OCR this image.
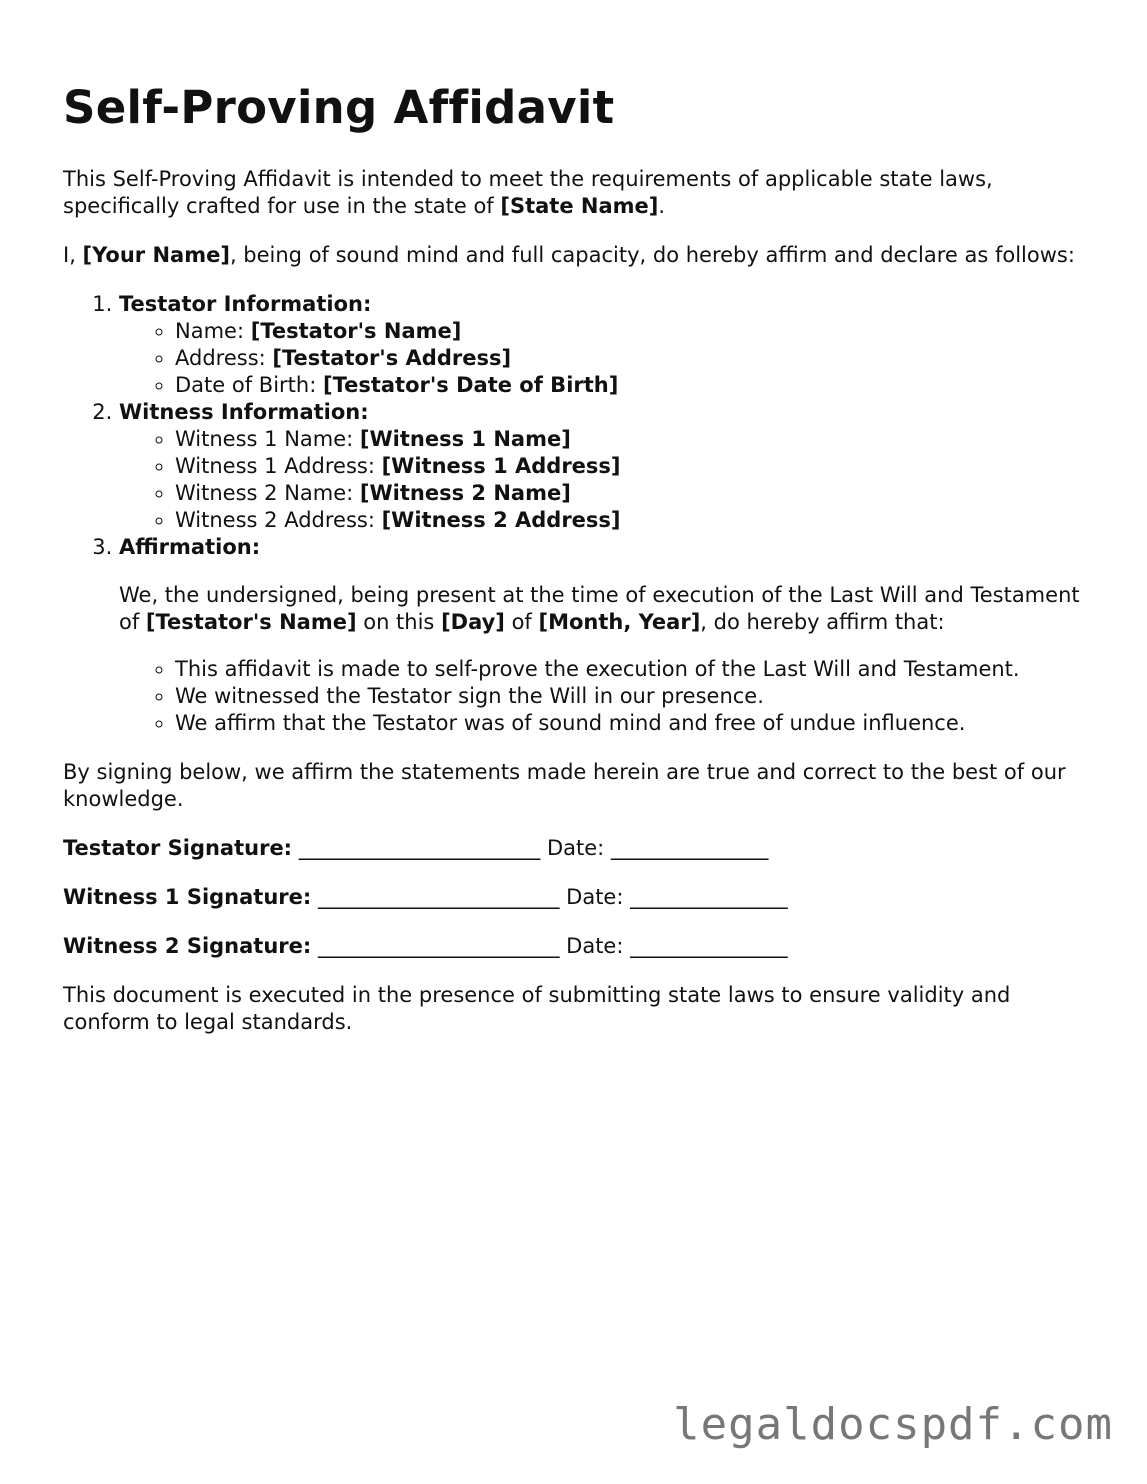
Self-Proving Affidavit

This Self-Proving Affidavit is intended to meet the requirements of applicable state laws, specifically crafted for use in the state of [State Name].

I, [Your Name], being of sound mind and full capacity, do hereby affirm and declare as follows:

1. Testator Information:
◦ Name: [Testator's Name]
◦ Address: [Testator's Address]
◦ Date of Birth: [Testator's Date of Birth]
2. Witness Information:
◦ Witness 1 Name: [Witness 1 Name]
◦ Witness 1 Address: [Witness 1 Address]
◦ Witness 2 Name: [Witness 2 Name]
◦ Witness 2 Address: [Witness 2 Address]
3. Affirmation:

We, the undersigned, being present at the time of execution of the Last Will and Testament of [Testator's Name] on this [Day] of [Month, Year], do hereby affirm that:

◦ This affidavit is made to self-prove the execution of the Last Will and Testament.
◦ We witnessed the Testator sign the Will in our presence.
◦ We affirm that the Testator was of sound mind and free of undue influence.

By signing below, we affirm the statements made herein are true and correct to the best of our knowledge.

Testator Signature: _______________________ Date: _______________
Witness 1 Signature: _______________________ Date: _______________
Witness 2 Signature: _______________________ Date: _______________

This document is executed in the presence of submitting state laws to ensure validity and conform to legal standards.

legaldocspdf.com
